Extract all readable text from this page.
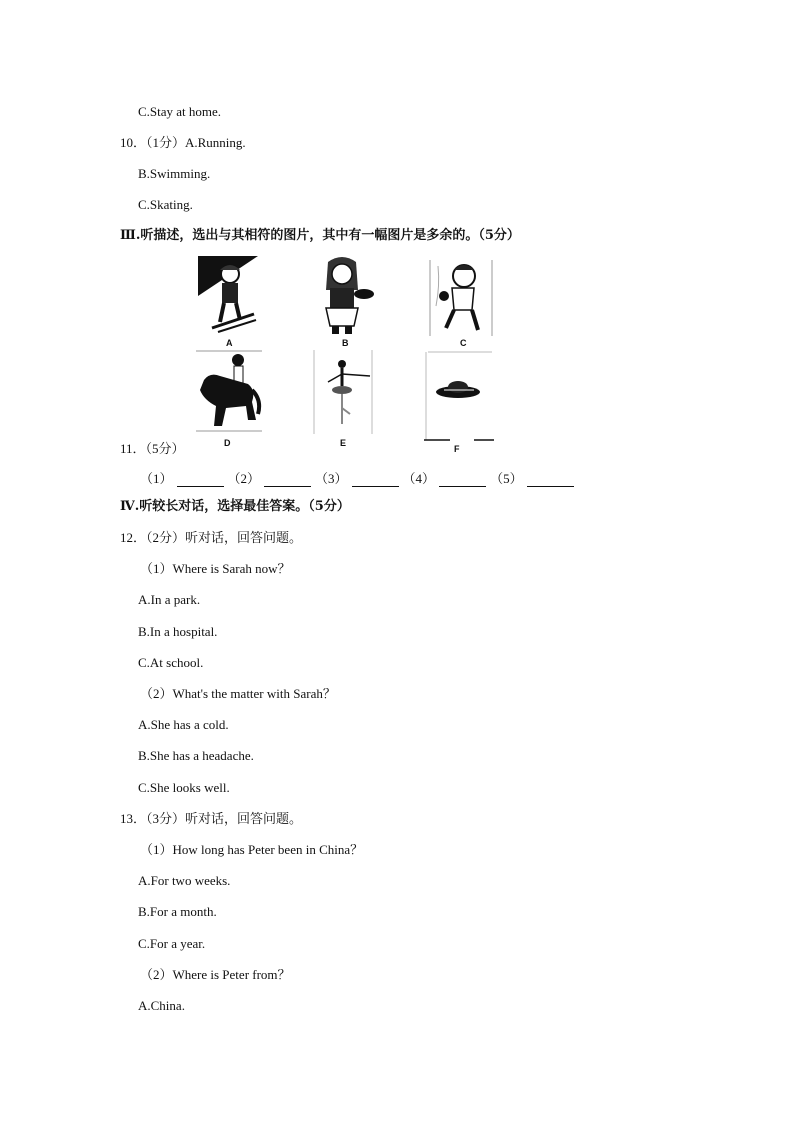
C.Stay at home.
10．（1分）A.Running.
B.Swimming.
C.Skating.
Ⅲ.听描述，选出与其相符的图片，其中有一幅图片是多余的。（5分）
A	B	C
D	E
F
11．（5分）
（1）	（2）	（3）	（4）	（5）
Ⅳ.听较长对话，选择最佳答案。（5分）
12．（2分）听对话，回答问题。
（1）Where is Sarah now？
A.In a park.
B.In a hospital.
C.At school.
（2）What's the matter with Sarah？
A.She has a cold.
B.She has a headache.
C.She looks well.
13．（3分）听对话，回答问题。
（1）How long has Peter been in China？
A.For two weeks.
B.For a month.
C.For a year.
（2）Where is Peter from？
A.China.
